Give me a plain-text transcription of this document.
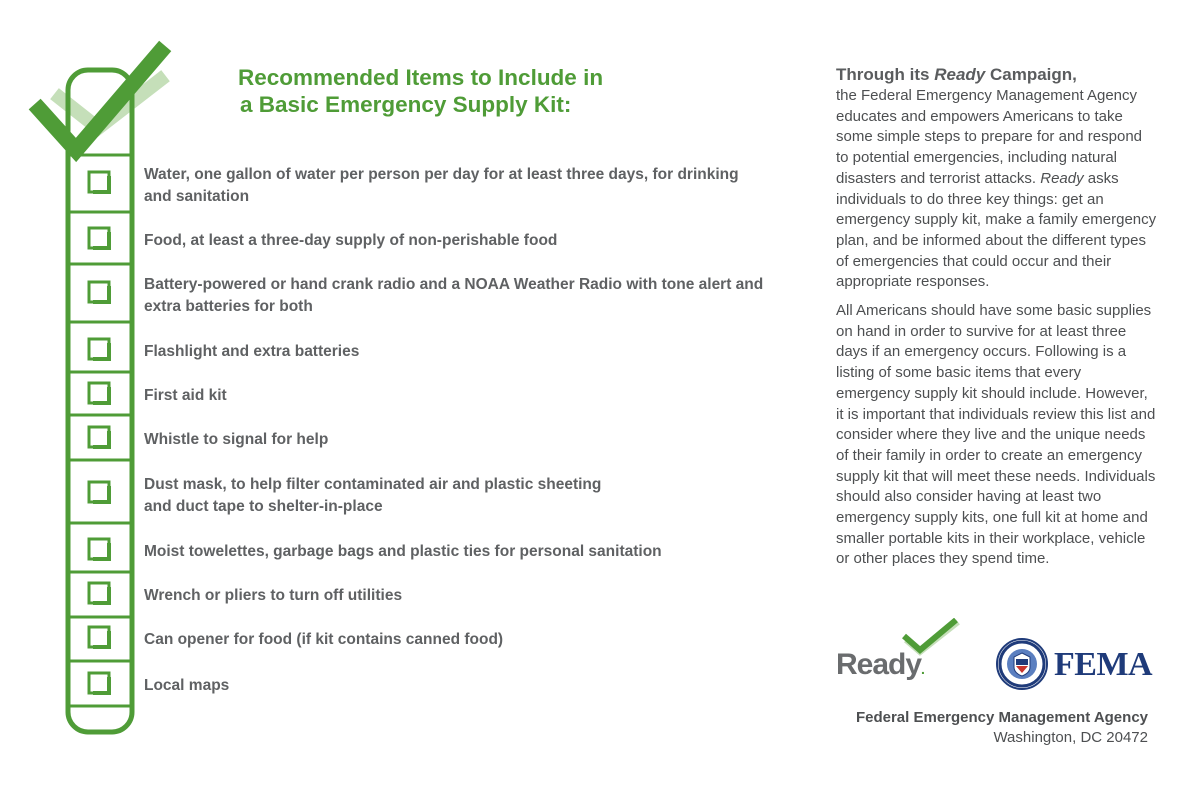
Recommended Items to Include in
a Basic Emergency Supply Kit:
Water, one gallon of water per person per day for at least three days, for drinking and sanitation
Food, at least a three-day supply of non-perishable food
Battery-powered or hand crank radio and a NOAA Weather Radio with tone alert and extra batteries for both
Flashlight and extra batteries
First aid kit
Whistle to signal for help
Dust mask, to help filter contaminated air and plastic sheeting and duct tape to shelter-in-place
Moist towelettes, garbage bags and plastic ties for personal sanitation
Wrench or pliers to turn off utilities
Can opener for food (if kit contains canned food)
Local maps
Through its Ready Campaign,
the Federal Emergency Management Agency educates and empowers Americans to take some simple steps to prepare for and respond to potential emergencies, including natural disasters and terrorist attacks. Ready asks individuals to do three key things: get an emergency supply kit, make a family emergency plan, and be informed about the different types of emergencies that could occur and their appropriate responses.
All Americans should have some basic supplies on hand in order to survive for at least three days if an emergency occurs. Following is a listing of some basic items that every emergency supply kit should include. However, it is important that individuals review this list and consider where they live and the unique needs of their family in order to create an emergency supply kit that will meet these needs. Individuals should also consider having at least two emergency supply kits, one full kit at home and smaller portable kits in their workplace, vehicle or other places they spend time.
Ready.	FEMA
Federal Emergency Management Agency
Washington, DC 20472
